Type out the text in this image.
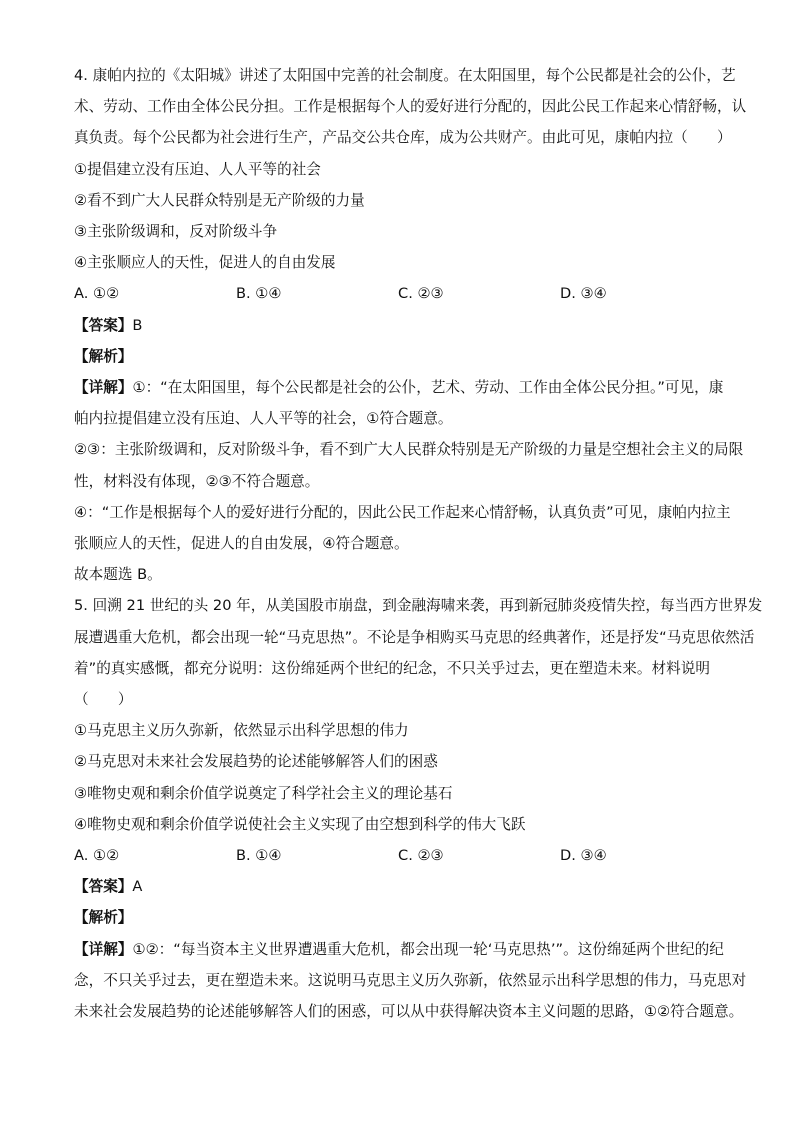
4. 康帕内拉的《太阳城》讲述了太阳国中完善的社会制度。在太阳国里，每个公民都是社会的公仆，艺
术、劳动、工作由全体公民分担。工作是根据每个人的爱好进行分配的，因此公民工作起来心情舒畅，认
真负责。每个公民都为社会进行生产，产品交公共仓库，成为公共财产。由此可见，康帕内拉（　　）
①提倡建立没有压迫、人人平等的社会
②看不到广大人民群众特别是无产阶级的力量
③主张阶级调和，反对阶级斗争
④主张顺应人的天性，促进人的自由发展
A. ①②	B. ①④	C. ②③	D. ③④
【答案】B
【解析】
【详解】①：“在太阳国里，每个公民都是社会的公仆，艺术、劳动、工作由全体公民分担。”可见，康
帕内拉提倡建立没有压迫、人人平等的社会，①符合题意。
②③：主张阶级调和，反对阶级斗争，看不到广大人民群众特别是无产阶级的力量是空想社会主义的局限
性，材料没有体现，②③不符合题意。
④：“工作是根据每个人的爱好进行分配的，因此公民工作起来心情舒畅，认真负责”可见，康帕内拉主
张顺应人的天性，促进人的自由发展，④符合题意。
故本题选 B。
5. 回溯 21 世纪的头 20 年，从美国股市崩盘，到金融海啸来袭，再到新冠肺炎疫情失控，每当西方世界发
展遭遇重大危机，都会出现一轮“马克思热”。不论是争相购买马克思的经典著作，还是抒发“马克思依然活
着”的真实感慨，都充分说明：这份绵延两个世纪的纪念，不只关乎过去，更在塑造未来。材料说明
（　　）
①马克思主义历久弥新，依然显示出科学思想的伟力
②马克思对未来社会发展趋势的论述能够解答人们的困惑
③唯物史观和剩余价值学说奠定了科学社会主义的理论基石
④唯物史观和剩余价值学说使社会主义实现了由空想到科学的伟大飞跃
A. ①②	B. ①④	C. ②③	D. ③④
【答案】A
【解析】
【详解】①②：“每当资本主义世界遭遇重大危机，都会出现一轮‘马克思热’”。这份绵延两个世纪的纪
念，不只关乎过去，更在塑造未来。这说明马克思主义历久弥新，依然显示出科学思想的伟力，马克思对
未来社会发展趋势的论述能够解答人们的困惑，可以从中获得解决资本主义问题的思路，①②符合题意。
